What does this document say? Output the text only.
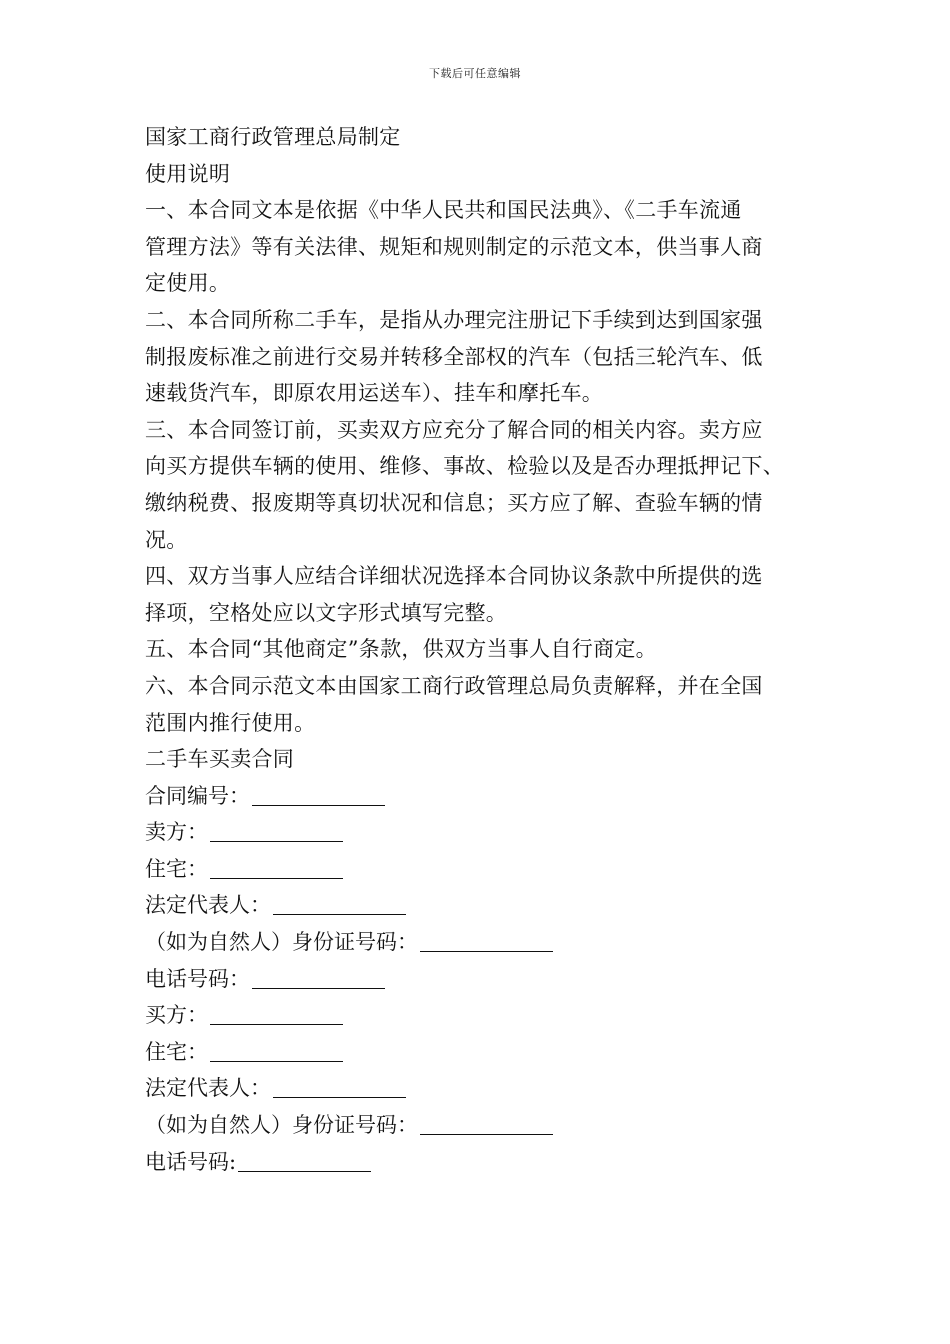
下载后可任意编辑
国家工商行政管理总局制定
使用说明
一、本合同文本是依据《中华人民共和国民法典》、《二手车流通
管理方法》等有关法律、规矩和规则制定的示范文本，供当事人商
定使用。
二、本合同所称二手车，是指从办理完注册记下手续到达到国家强
制报废标准之前进行交易并转移全部权的汽车（包括三轮汽车、低
速载货汽车，即原农用运送车）、挂车和摩托车。
三、本合同签订前，买卖双方应充分了解合同的相关内容。卖方应
向买方提供车辆的使用、维修、事故、检验以及是否办理抵押记下、
缴纳税费、报废期等真切状况和信息；买方应了解、查验车辆的情
况。
四、双方当事人应结合详细状况选择本合同协议条款中所提供的选
择项，空格处应以文字形式填写完整。
五、本合同“其他商定”条款，供双方当事人自行商定。
六、本合同示范文本由国家工商行政管理总局负责解释，并在全国
范围内推行使用。
二手车买卖合同
合同编号：
卖方：
住宅：
法定代表人：
（如为自然人）身份证号码：
电话号码：
买方：
住宅：
法定代表人：
（如为自然人）身份证号码：
电话号码:
